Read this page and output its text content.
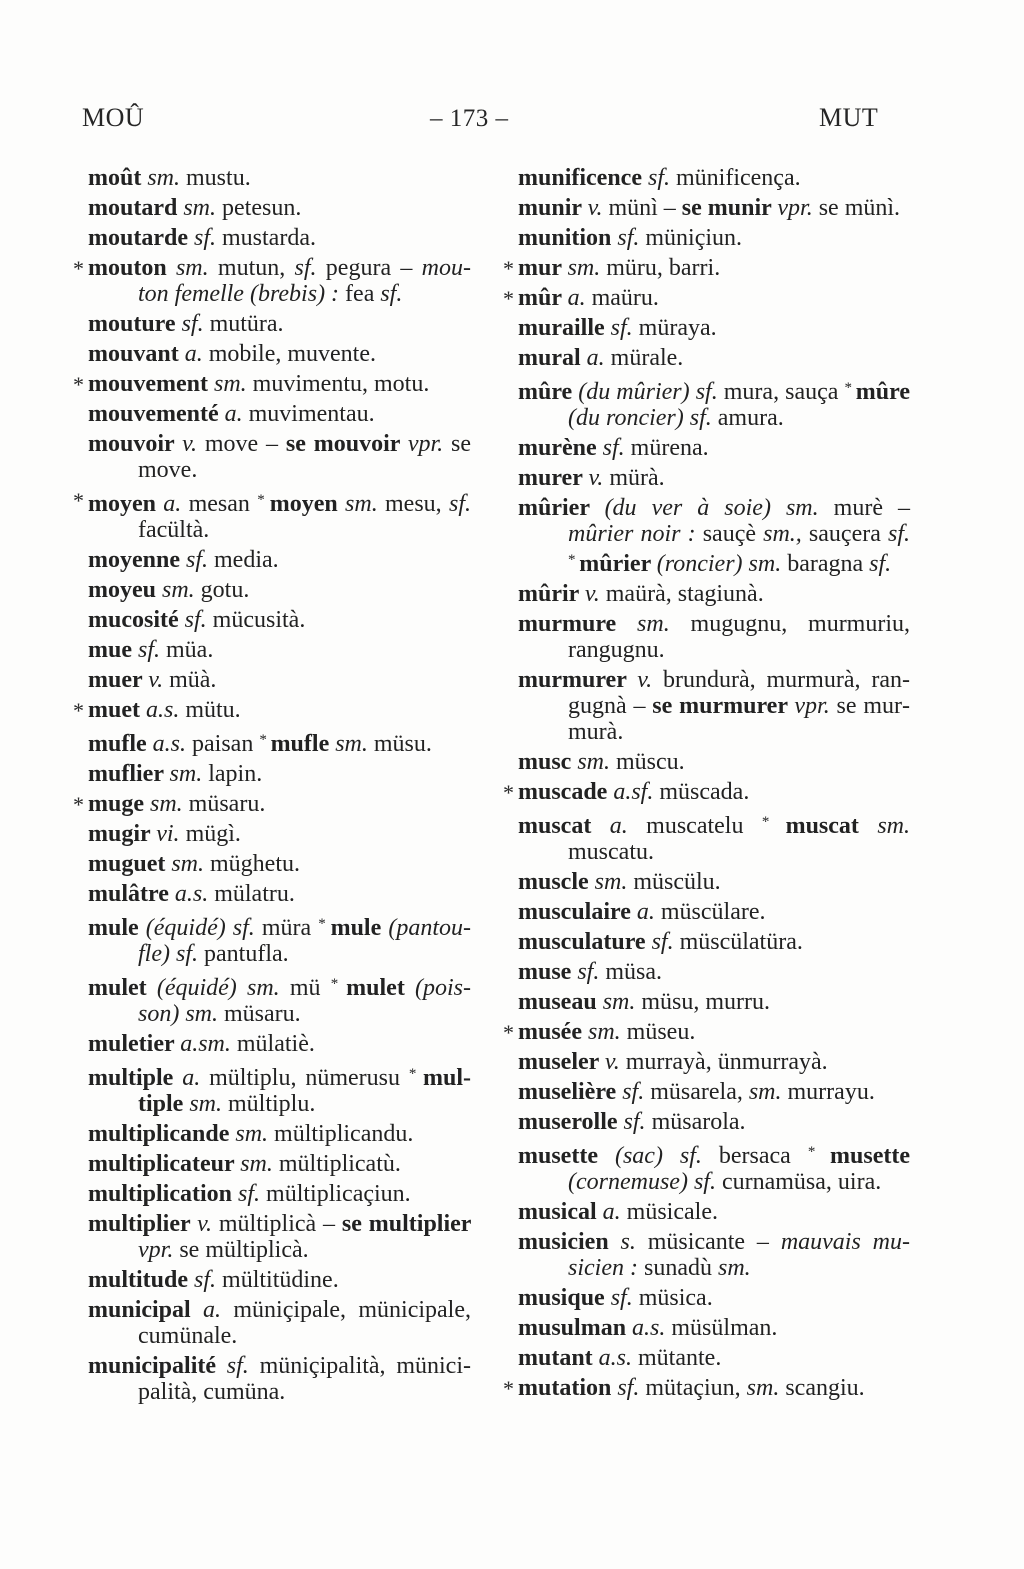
MOÛ	– 173 –	MUT
moût sm. mustu.
moutard sm. petesun.
moutarde sf. mustarda.
* mouton sm. mutun, sf. pegura – mouton femelle (brebis) : fea sf.
mouture sf. mutüra.
mouvant a. mobile, muvente.
* mouvement sm. muvimentu, motu.
mouvementé a. muvimentau.
mouvoir v. move – se mouvoir vpr. se move.
* moyen a. mesan * moyen sm. mesu, sf. facültà.
moyenne sf. media.
moyeu sm. gotu.
mucosité sf. mücusità.
mue sf. müa.
muer v. müà.
* muet a.s. mütu.
mufle a.s. paisan * mufle sm. müsu.
muflier sm. lapin.
* muge sm. müsaru.
mugir vi. mügì.
muguet sm. müghetu.
mulâtre a.s. mülatru.
mule (équidé) sf. müra * mule (pantoufle) sf. pantufla.
mulet (équidé) sm. mü * mulet (poisson) sm. müsaru.
muletier a.sm. mülatiè.
multiple a. mültiplu, nümerusu * multiple sm. mültiplu.
multiplicande sm. mültiplicandu.
multiplicateur sm. mültiplicatù.
multiplication sf. mültiplicaçiun.
multiplier v. mültiplicà – se multiplier vpr. se mültiplicà.
multitude sf. mültitüdine.
municipal a. müniçipale, münicipale, cumünale.
municipalité sf. müniçipalità, münicipalità, cumüna.
munificence sf. münificença.
munir v. münì – se munir vpr. se münì.
munition sf. müniçiun.
* mur sm. müru, barri.
* mûr a. maüru.
muraille sf. müraya.
mural a. mürale.
mûre (du mûrier) sf. mura, sauça * mûre (du roncier) sf. amura.
murène sf. mürena.
murer v. mürà.
mûrier (du ver à soie) sm. murè – mûrier noir : sauçè sm., sauçera sf. * mûrier (roncier) sm. baragna sf.
mûrir v. maürà, stagiunà.
murmure sm. mugugnu, murmuriu, rangugnu.
murmurer v. brundurà, murmurà, rangugnà – se murmurer vpr. se murmurà.
musc sm. müscu.
* muscade a.sf. müscada.
muscat a. muscatelu * muscat sm. muscatu.
muscle sm. müscülu.
musculaire a. müscülare.
musculature sf. müscülatüra.
muse sf. müsa.
museau sm. müsu, murru.
* musée sm. müseu.
museler v. murrayà, ünmurrayà.
muselière sf. müsarela, sm. murrayu.
muserolle sf. müsarola.
musette (sac) sf. bersaca * musette (cornemuse) sf. curnamüsa, uira.
musical a. müsicale.
musicien s. müsicante – mauvais musicien : sunadù sm.
musique sf. müsica.
musulman a.s. müsülman.
mutant a.s. mütante.
* mutation sf. mütaçiun, sm. scangiu.
